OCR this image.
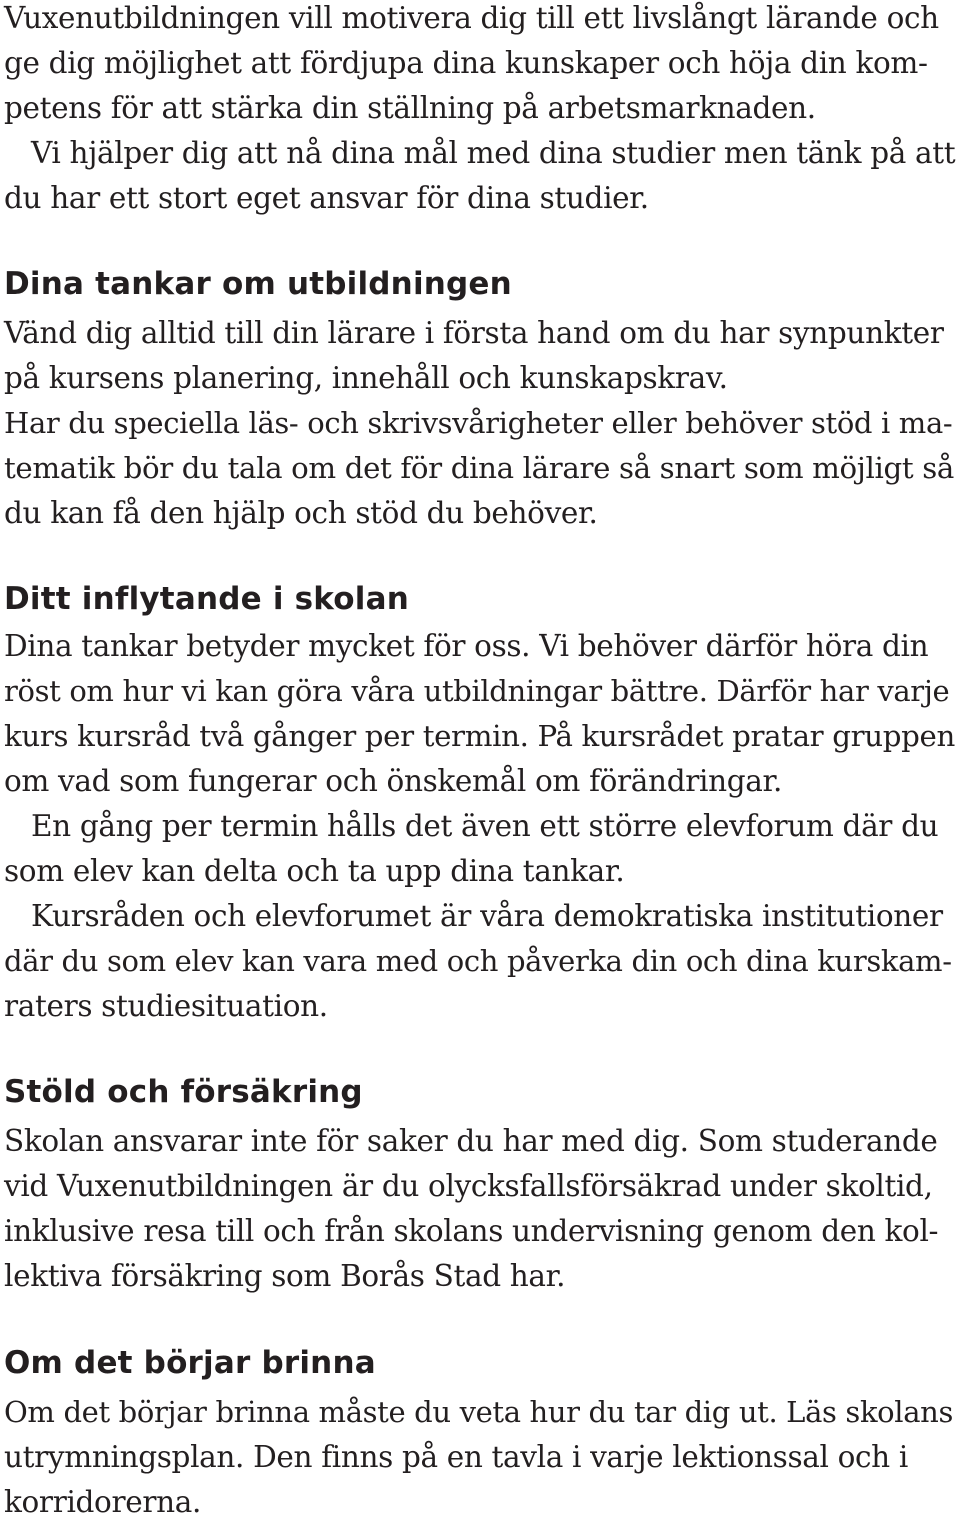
Vuxenutbildningen vill motivera dig till ett livslångt lärande och

ge dig möjlighet att fördjupa dina kunskaper och höja din kom-

petens för att stärka din ställning på arbetsmarknaden.

Vi hjälper dig att nå dina mål med dina studier men tänk på att

du har ett stort eget ansvar för dina studier.

Dina tankar om utbildningen

Vänd dig alltid till din lärare i första hand om du har synpunkter

på kursens planering, innehåll och kunskapskrav.

Har du speciella läs- och skrivsvårigheter eller behöver stöd i ma-

tematik bör du tala om det för dina lärare så snart som möjligt så

du kan få den hjälp och stöd du behöver.

Ditt inflytande i skolan

Dina tankar betyder mycket för oss. Vi behöver därför höra din

röst om hur vi kan göra våra utbildningar bättre. Därför har varje

kurs kursråd två gånger per termin. På kursrådet pratar gruppen

om vad som fungerar och önskemål om förändringar.

En gång per termin hålls det även ett större elevforum där du

som elev kan delta och ta upp dina tankar.

Kursråden och elevforumet är våra demokratiska institutioner

där du som elev kan vara med och påverka din och dina kurskam-

raters studiesituation.

Stöld och försäkring

Skolan ansvarar inte för saker du har med dig. Som studerande

vid Vuxenutbildningen är du olycksfallsförsäkrad under skoltid,

inklusive resa till och från skolans undervisning genom den kol-

lektiva försäkring som Borås Stad har.

Om det börjar brinna

Om det börjar brinna måste du veta hur du tar dig ut. Läs skolans

utrymningsplan. Den finns på en tavla i varje lektionssal och i

korridorerna.
